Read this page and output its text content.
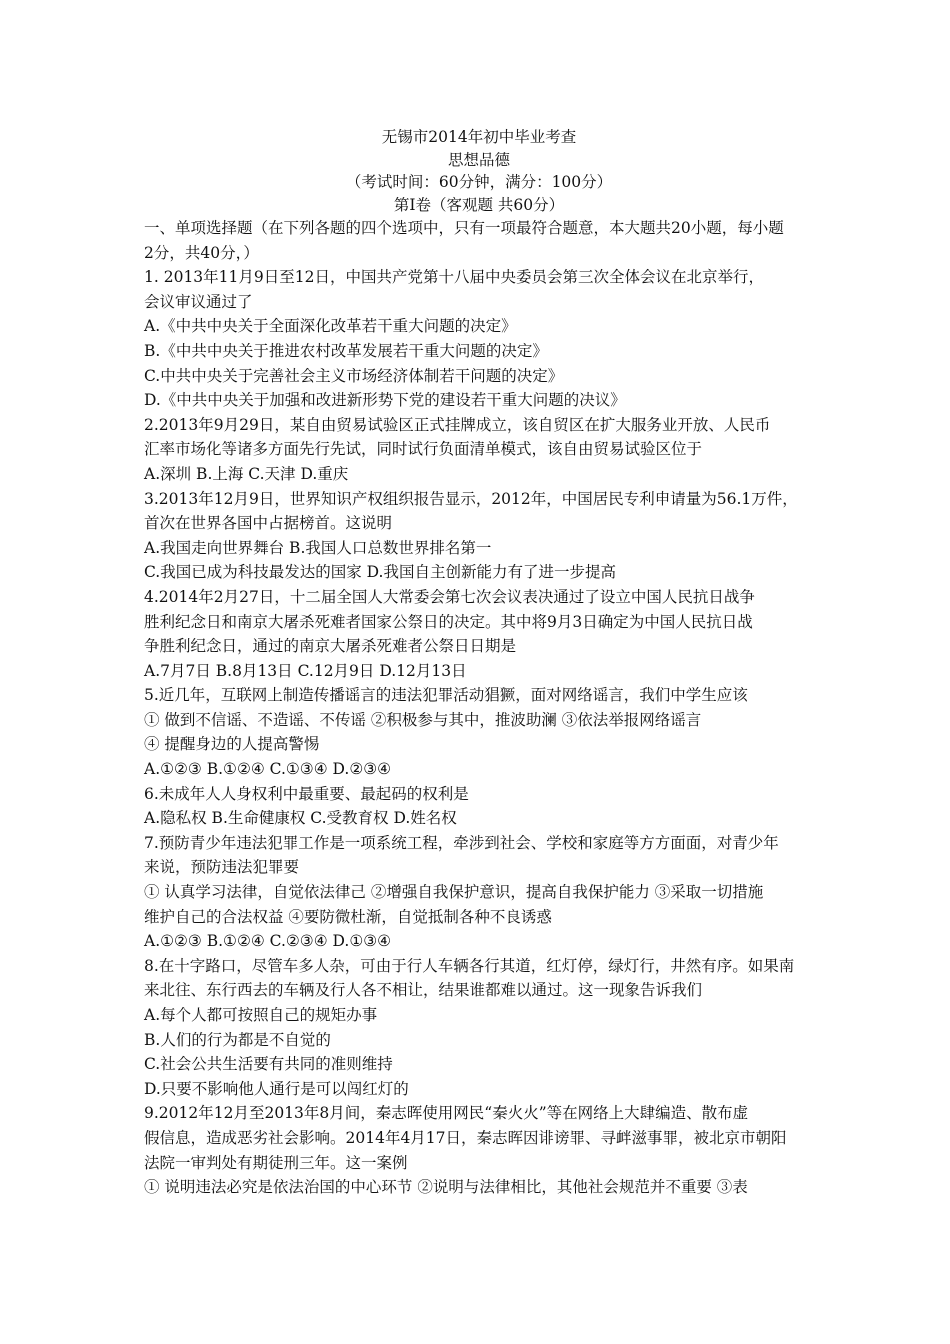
无锡市2014年初中毕业考查
思想品德
（考试时间：60分钟，满分：100分）
第Ⅰ卷（客观题 共60分）
一、单项选择题（在下列各题的四个选项中，只有一项最符合题意，本大题共20小题，每小题
2分，共40分，）
1. 2013年11月9日至12日，中国共产党第十八届中央委员会第三次全体会议在北京举行，
会议审议通过了
A.《中共中央关于全面深化改革若干重大问题的决定》
B.《中共中央关于推进农村改革发展若干重大问题的决定》
C.中共中央关于完善社会主义市场经济体制若干问题的决定》
D.《中共中央关于加强和改进新形势下党的建设若干重大问题的决议》
2.2013年9月29日，某自由贸易试验区正式挂牌成立，该自贸区在扩大服务业开放、人民币
汇率市场化等诸多方面先行先试，同时试行负面清单模式，该自由贸易试验区位于
A.深圳 B.上海 C.天津 D.重庆
3.2013年12月9日，世界知识产权组织报告显示，2012年，中国居民专利申请量为56.1万件，
首次在世界各国中占据榜首。这说明
A.我国走向世界舞台 B.我国人口总数世界排名第一
C.我国已成为科技最发达的国家 D.我国自主创新能力有了进一步提高
4.2014年2月27日，十二届全国人大常委会第七次会议表决通过了设立中国人民抗日战争
胜利纪念日和南京大屠杀死难者国家公祭日的决定。其中将9月3日确定为中国人民抗日战
争胜利纪念日，通过的南京大屠杀死难者公祭日日期是
A.7月7日 B.8月13日 C.12月9日 D.12月13日
5.近几年，互联网上制造传播谣言的违法犯罪活动猖獗，面对网络谣言，我们中学生应该
① 做到不信谣、不造谣、不传谣 ②积极参与其中，推波助澜 ③依法举报网络谣言
④ 提醒身边的人提高警惕
A.①②③ B.①②④ C.①③④ D.②③④
6.未成年人人身权利中最重要、最起码的权利是
A.隐私权 B.生命健康权 C.受教育权 D.姓名权
7.预防青少年违法犯罪工作是一项系统工程，牵涉到社会、学校和家庭等方方面面，对青少年
来说，预防违法犯罪要
① 认真学习法律，自觉依法律己 ②增强自我保护意识，提高自我保护能力 ③采取一切措施
维护自己的合法权益 ④要防微杜渐，自觉抵制各种不良诱惑
A.①②③ B.①②④ C.②③④ D.①③④
8.在十字路口，尽管车多人杂，可由于行人车辆各行其道，红灯停，绿灯行，井然有序。如果南
来北往、东行西去的车辆及行人各不相让，结果谁都难以通过。这一现象告诉我们
A.每个人都可按照自己的规矩办事
B.人们的行为都是不自觉的
C.社会公共生活要有共同的准则维持
D.只要不影响他人通行是可以闯红灯的
9.2012年12月至2013年8月间，秦志晖使用网民“秦火火”等在网络上大肆编造、散布虚
假信息，造成恶劣社会影响。2014年4月17日，秦志晖因诽谤罪、寻衅滋事罪，被北京市朝阳
法院一审判处有期徒刑三年。这一案例
① 说明违法必究是依法治国的中心环节 ②说明与法律相比，其他社会规范并不重要 ③表
